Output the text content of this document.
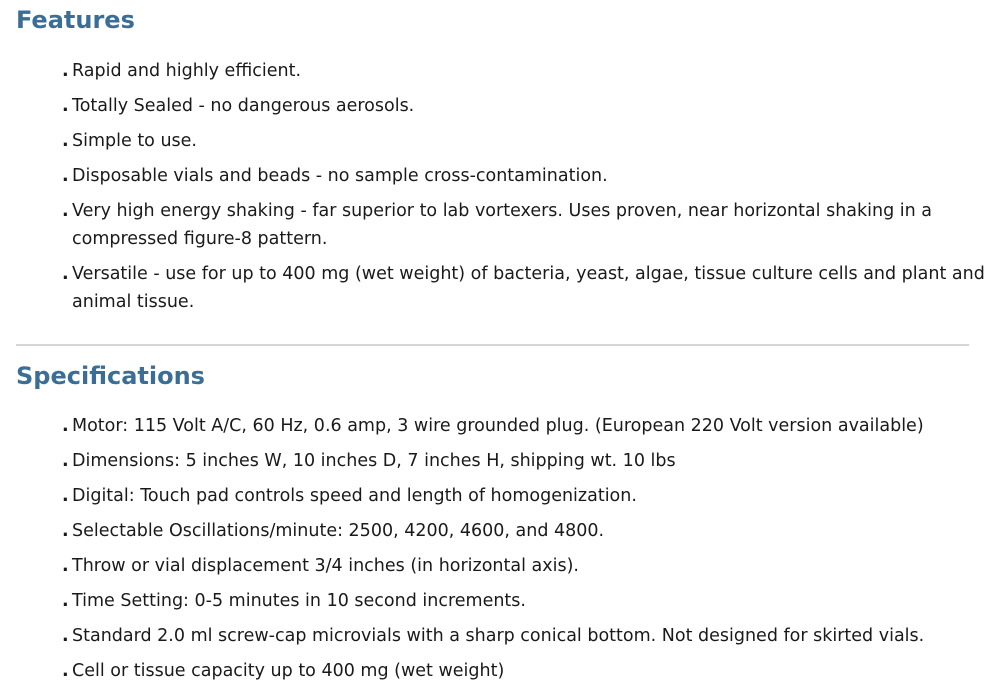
Features
. Rapid and highly efficient.
. Totally Sealed - no dangerous aerosols.
. Simple to use.
. Disposable vials and beads - no sample cross-contamination.
. Very high energy shaking - far superior to lab vortexers. Uses proven, near horizontal shaking in a compressed figure-8 pattern.
. Versatile - use for up to 400 mg (wet weight) of bacteria, yeast, algae, tissue culture cells and plant and animal tissue.
Specifications
. Motor: 115 Volt A/C, 60 Hz, 0.6 amp, 3 wire grounded plug. (European 220 Volt version available)
. Dimensions: 5 inches W, 10 inches D, 7 inches H, shipping wt. 10 lbs
. Digital: Touch pad controls speed and length of homogenization.
. Selectable Oscillations/minute: 2500, 4200, 4600, and 4800.
. Throw or vial displacement 3/4 inches (in horizontal axis).
. Time Setting: 0-5 minutes in 10 second increments.
. Standard 2.0 ml screw-cap microvials with a sharp conical bottom. Not designed for skirted vials.
. Cell or tissue capacity up to 400 mg (wet weight)
